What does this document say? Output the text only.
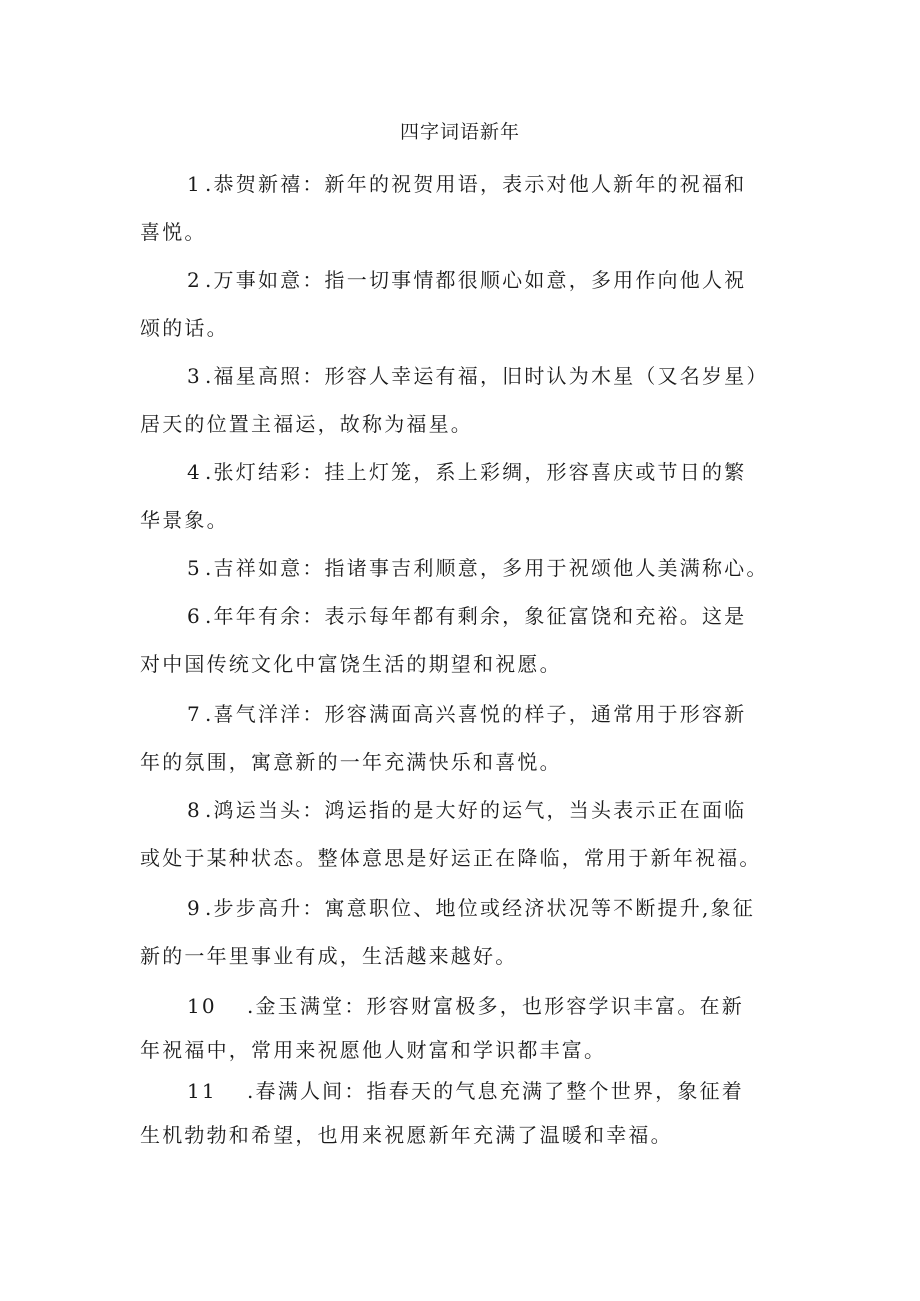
四字词语新年
1 .恭贺新禧：新年的祝贺用语，表示对他人新年的祝福和
喜悦。
2 .万事如意：指一切事情都很顺心如意，多用作向他人祝
颂的话。
3 .福星高照：形容人幸运有福，旧时认为木星（又名岁星）
居天的位置主福运，故称为福星。
4 .张灯结彩：挂上灯笼，系上彩绸，形容喜庆或节日的繁
华景象。
5 .吉祥如意：指诸事吉利顺意，多用于祝颂他人美满称心。
6 .年年有余：表示每年都有剩余，象征富饶和充裕。这是
对中国传统文化中富饶生活的期望和祝愿。
7 .喜气洋洋：形容满面高兴喜悦的样子，通常用于形容新
年的氛围，寓意新的一年充满快乐和喜悦。
8 .鸿运当头：鸿运指的是大好的运气，当头表示正在面临
或处于某种状态。整体意思是好运正在降临，常用于新年祝福。
9 .步步高升：寓意职位、地位或经济状况等不断提升,象征
新的一年里事业有成，生活越来越好。
10 .金玉满堂：形容财富极多，也形容学识丰富。在新
年祝福中，常用来祝愿他人财富和学识都丰富。
11 .春满人间：指春天的气息充满了整个世界，象征着
生机勃勃和希望，也用来祝愿新年充满了温暖和幸福。
